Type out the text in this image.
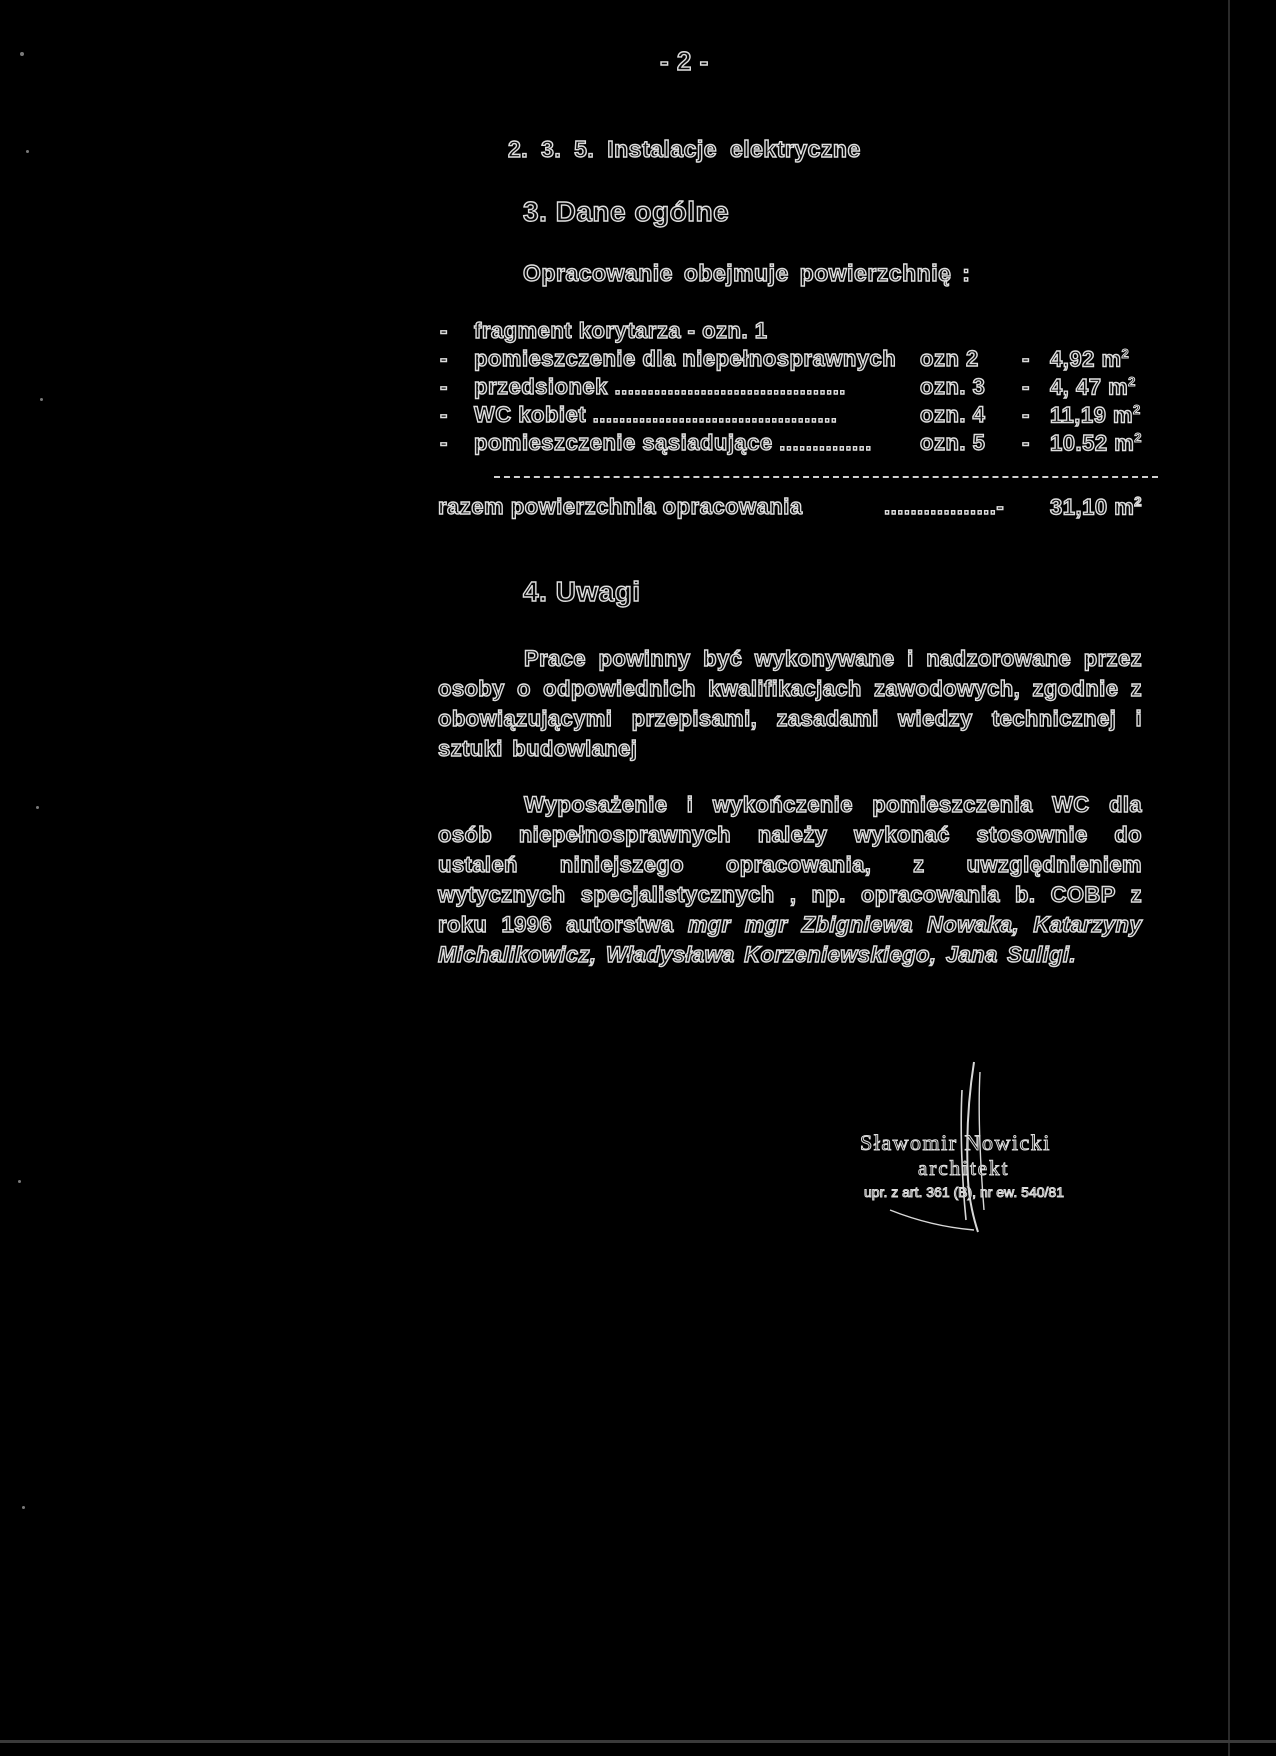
- 2 -
2. 3. 5. Instalacje elektryczne
3. Dane ogólne
Opracowanie obejmuje powierzchnię :
- fragment korytarza - ozn. 1
- pomieszczenie dla niepełnosprawnych ozn 2 - 4,92 $m^2$
- przedsionek ...................................	ozn. 3 - 4, 47 $m^2$
- WC kobiet .....................................	ozn. 4 - 11,19 $m^2$
- pomieszczenie sąsiadujące .............. ozn. 5 - 10.52 $m^2$
razem powierzchnia opracowania	.................- 31,10 $m^2$
4. Uwagi

Prace powinny być wykonywane i nadzorowane przez osoby o odpowiednich kwalifikacjach zawodowych, zgodnie z obowiązującymi przepisami, zasadami wiedzy technicznej i sztuki budowlanej

Wyposażenie i wykończenie pomieszczenia WC dla osób niepełnosprawnych należy wykonać stosownie do ustaleń niniejszego opracowania, z uwzględnieniem wytycznych specjalistycznych , np. opracowania b. COBP z roku 1996 autorstwa mgr mgr Zbigniewa Nowaka, Katarzyny Michalikowicz, Władysława Korzeniewskiego, Jana Suligi.

Sławomir Nowicki
architekt
upr. z art. 361 (B), nr ew. 540/81
